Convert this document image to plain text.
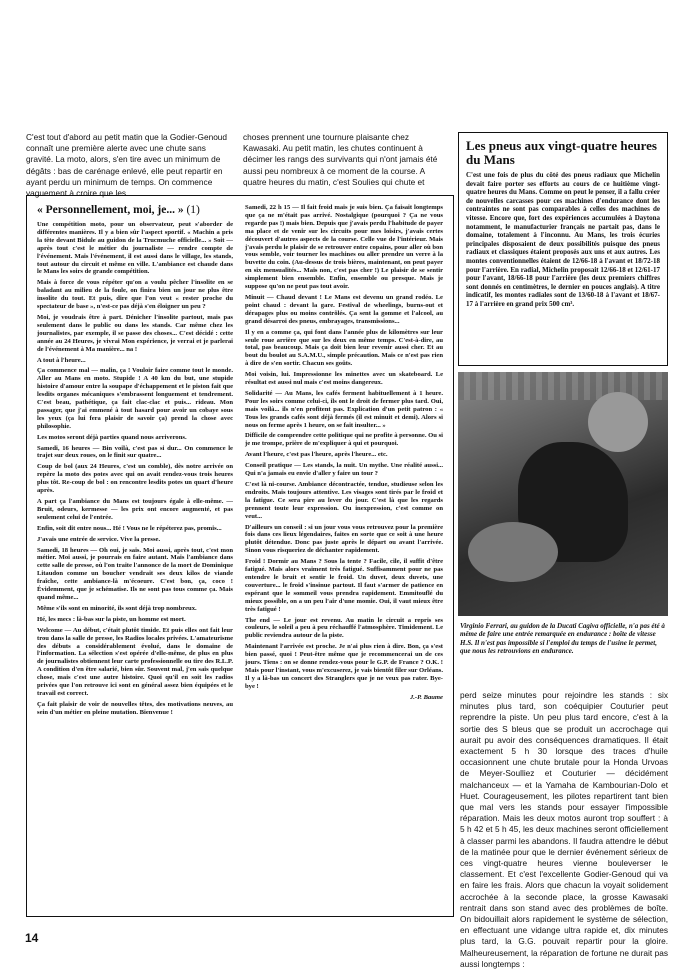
C'est tout d'abord au petit matin que la Godier-Genoud connaît une première alerte avec une chute sans gravité. La moto, alors, s'en tire avec un minimum de dégâts : bas de carénage enlevé, elle peut repartir en ayant perdu un minimum de temps. On commence vaguement à croire que les

choses prennent une tournure plaisante chez Kawasaki. Au petit matin, les chutes continuent à décimer les rangs des survivants qui n'ont jamais été aussi peu nombreux à ce moment de la course. A quatre heures du matin, c'est Soulies qui chute et

« Personnellement, moi, je... » (1)

Une compétition moto, pour un observateur, peut s'aborder de différentes manières. Il y a bien sûr l'aspect sportif. « Machin a pris la tête devant Bidule au guidon de la Trucmuche officielle... » Soit — après tout c'est le métier du journaliste — rendre compte de l'événement. Mais l'événement, il est aussi dans le village, les stands, tout autour du circuit et même en ville. L'ambiance est chaude dans le Mans les soirs de grande compétition.

Mais à force de vous répéter qu'on a voulu pêcher l'insolite en se baladant au milieu de la foule, on finira bien un jour ne plus être insolite du tout. Et puis, dire que l'on veut « rester proche du spectateur de base », n'est-ce pas déjà s'en éloigner un peu ?

Moi, je voudrais être à part. Dénicher l'insolite partout, mais pas seulement dans le public ou dans les stands. Car même chez les journalistes, par exemple, il se passe des choses... C'est décidé : cette année au 24 Heures, je vivrai Mon expérience, je verrai et je parlerai de l'événement à Ma manière... na !

A tout à l'heure...

Ça commence mal — malin, ça ! Vouloir faire comme tout le monde. Aller au Mans en moto. Stupide ! A 40 km du but, une stupide histoire d'amour entre la soupape d'échappement et le piston fait que lesdits organes mécaniques s'embrassent longuement et tendrement. C'est beau, pathétique, ça fait clac-clac et puis... rideau. Mon passager, que j'ai emmené à tout hasard pour avoir un cobaye sous les yeux (ça lui fera plaisir de savoir ça) prend la chose avec philosophie.

Les motos seront déjà parties quand nous arriverons.

Samedi, 16 heures — Bin voilà, c'est pas si dur... On commence le trajet sur deux roues, on le finit sur quatre...

Coup de bol (aux 24 Heures, c'est un comble), dès notre arrivée on repère la moto des potes avec qui on avait rendez-vous trois heures plus tôt. Re-coup de bol : on rencontre lesdits potes un quart d'heure après.

A part ça l'ambiance du Mans est toujours égale à elle-même. — Bruit, odeurs, kermesse — les prix ont encore augmenté, et pas seulement celui de l'entrée.

Enfin, soit dit entre nous... Hé ! Vous ne le répéterez pas, promis...

J'avais une entrée de service. Vive la presse.

Samedi, 18 heures — Oh oui, je sais. Moi aussi, après tout, c'est mon métier. Moi aussi, je pourrais en faire autant. Mais l'ambiance dans cette salle de presse, où l'on traite l'annonce de la mort de Dominique Litaudon comme un boucher vendrait ses deux kilos de viande fraîche, cette ambiance-là m'écoeure. C'est bon, ça, coco ! Évidemment, que je schématise. Ils ne sont pas tous comme ça. Mais quand même...

Même s'ils sont en minorité, ils sont déjà trop nombreux.

Hé, les mecs : là-bas sur la piste, un homme est mort.

Welcome — Au début, c'était plutôt timide. Et puis elles ont fait leur trou dans la salle de presse, les Radios locales privées. L'amateurisme des débuts a considérablement évolué, dans le domaine de l'information. La sélection s'est opérée d'elle-même, de plus en plus de journalistes obtiennent leur carte professionnelle ou tire des R.L.P. A condition d'en être salarié, bien sûr. Souvent mal, j'en sais quelque chose, mais c'est une autre histoire. Quoi qu'il en soit les radios privées que l'on retrouve ici sont en général assez bien équipées et le travail est correct.

Ça fait plaisir de voir de nouvelles têtes, des motivations neuves, au sein d'un métier en pleine mutation. Bienvenue !

Samedi, 22 h 15 — Il fait froid mais je suis bien. Ça faisait longtemps que ça ne m'était pas arrivé. Nostalgique (pourquoi ? Ça ne vous regarde pas !) mais bien. Depuis que j'avais perdu l'habitude de payer ma place et de venir sur les circuits pour mes loisirs, j'avais certes découvert d'autres aspects de la course. Celle vue de l'intérieur. Mais j'avais perdu le plaisir de se retrouver entre copains, pour aller où bon vous semble, voir tourner les machines ou aller prendre un verre à la buvette du coin. (Au-dessus de trois bières, maintenant, on peut payer en six mensualités... Mais non, c'est pas cher !) Le plaisir de se sentir simplement bien ensemble. Enfin, ensemble ou presque. Mais je suppose qu'on ne peut pas tout avoir.

Minuit — Chaud devant ! Le Mans est devenu un grand rodéo. Le point chaud : devant la gare. Festival de wheelings, burns-out et dérapages plus ou moins contrôlés. Ça sent la gomme et l'alcool, au grand désarroi des pneus, embrayages, transmissions...

Il y en a comme ça, qui font dans l'année plus de kilomètres sur leur seule roue arrière que sur les deux en même temps. C'est-à-dire, au total, pas beaucoup. Mais ça doit bien leur revenir aussi cher. Et au bout du boulot au S.A.M.U., simple précaution. Mais ce n'est pas rien à dire de s'en sortir. Chacun ses goûts.

Moi voisin, lui. Impressionne les minettes avec un skateboard. Le résultat est aussi nul mais c'est moins dangereux.

Solidarité — Au Mans, les cafés ferment habituellement à 1 heure. Pour les soirs comme celui-ci, ils ont le droit de fermer plus tard. Oui, mais voilà... ils n'en profitent pas. Explication d'un petit patron : « Tous les grands cafés sont déjà fermés (il est minuit et demi). Alors si nous on ferme après 1 heure, on se fait insulter... »

Difficile de comprendre cette politique qui ne profite à personne. Ou si je me trompe, prière de m'expliquer à qui et pourquoi.

Avant l'heure, c'est pas l'heure, après l'heure... etc.

Conseil pratique — Les stands, la nuit. Un mythe. Une réalité aussi... Qui n'a jamais eu envie d'aller y faire un tour ?

C'est là ni-course. Ambiance décontractée, tendue, studieuse selon les endroits. Mais toujours attentive. Les visages sont tirés par le froid et la fatigue. Ce sera pire au lever du jour. C'est là que les regards prennent toute leur expression. Ou inexpression, c'est comme on veut...

D'ailleurs un conseil : si un jour vous vous retrouvez pour la première fois dans ces lieux légendaires, faites en sorte que ce soit à une heure plutôt détendue. Donc pas juste après le départ ou avant l'arrivée. Sinon vous risqueriez de déchanter rapidement.

Froid ! Dormir au Mans ? Sous la tente ? Facile, cile, il suffit d'être fatigué. Mais alors vraiment très fatigué. Suffisamment pour ne pas entendre le bruit et sentir le froid. Un duvet, deux duvets, une couverture... le froid s'insinue partout. Il faut s'armer de patience en espérant que le sommeil vous prendra rapidement. Emmitouflé du mieux possible, on a un peu l'air d'une momie. Oui, il vaut mieux être très fatigué !

The end — Le jour est revenu. Au matin le circuit a repris ses couleurs, le soleil a peu à peu réchauffé l'atmosphère. Timidement. Le public reviendra autour de la piste.

Maintenant l'arrivée est proche. Je n'ai plus rien à dire. Bon, ça s'est bien passé, quoi ! Peut-être même que je recommencerai un de ces jours. Tiens : on se donne rendez-vous pour le G.P. de France ? O.K. ! Mais pour l'instant, vous m'excuserez, je vais bientôt filer sur Orléans. Il y a là-bas un concert des Stranglers que je ne veux pas rater. Bye-bye !

J.-P. Baume
Les pneus aux vingt-quatre heures du Mans

C'est une fois de plus du côté des pneus radiaux que Michelin devait faire porter ses efforts au cours de ce huitième vingt-quatre heures du Mans. Comme on peut le penser, il a fallu créer de nouvelles carcasses pour ces machines d'endurance dont les contraintes ne sont pas comparables à celles des machines de vitesse. Encore que, fort des expériences accumulées à Daytona notamment, le manufacturier français ne partait pas, dans le domaine, totalement à l'inconnu. Au Mans, les trois écuries principales disposaient de deux possibilités puisque des pneus radiaux et classiques étaient proposés aux uns et aux autres. Les montes conventionnelles étaient de 12/66-18 à l'avant et 18/72-18 pour l'arrière. En radial, Michelin proposait 12/66-18 et 12/61-17 pour l'avant, 18/66-18 pour l'arrière (les deux premiers chiffres sont donnés en centimètres, le dernier en pouces anglais). A titre indicatif, les montes radiales sont de 13/60-18 à l'avant et 18/67-17 à l'arrière en grand prix 500 cm³.

Virginio Ferrari, au guidon de la Ducati Cagiva officielle, n'a pas été à même de faire une entrée remarquée en endurance : boîte de vitesse H.S. Il n'est pas impossible si l'emploi du temps de l'usine le permet, que nous les retrouvions en endurance.

perd seize minutes pour rejoindre les stands : six minutes plus tard, son coéquipier Couturier peut reprendre la piste. Un peu plus tard encore, c'est à la sortie des S bleus que se produit un accrochage qui aurait pu avoir des conséquences dramatiques. Il était exactement 5 h 30 lorsque des traces d'huile occasionnent une chute brutale pour la Honda Urvoas de Meyer-Soulliez et Couturier — décidément malchanceux — et la Yamaha de Kambourian-Dolo et Huet. Courageusement, les pilotes repartirent tant bien que mal vers les stands pour essayer l'impossible réparation. Mais les deux motos auront trop souffert : à 5 h 42 et 5 h 45, les deux machines seront officiellement à classer parmi les abandons. Il faudra attendre le début de la matinée pour que le dernier événement sérieux de ces vingt-quatre heures vienne bouleverser le classement. Et c'est l'excellente Godier-Genoud qui va en faire les frais. Alors que chacun la voyait solidement accrochée à la seconde place, la grosse Kawasaki rentrait dans son stand avec des problèmes de boîte. On bidouillait alors rapidement le système de sélection, en effectuant une vidange ultra rapide et, dix minutes plus tard, la G.G. pouvait repartir pour la gloire. Malheureusement, la réparation de fortune ne durait pas aussi longtemps :

14
